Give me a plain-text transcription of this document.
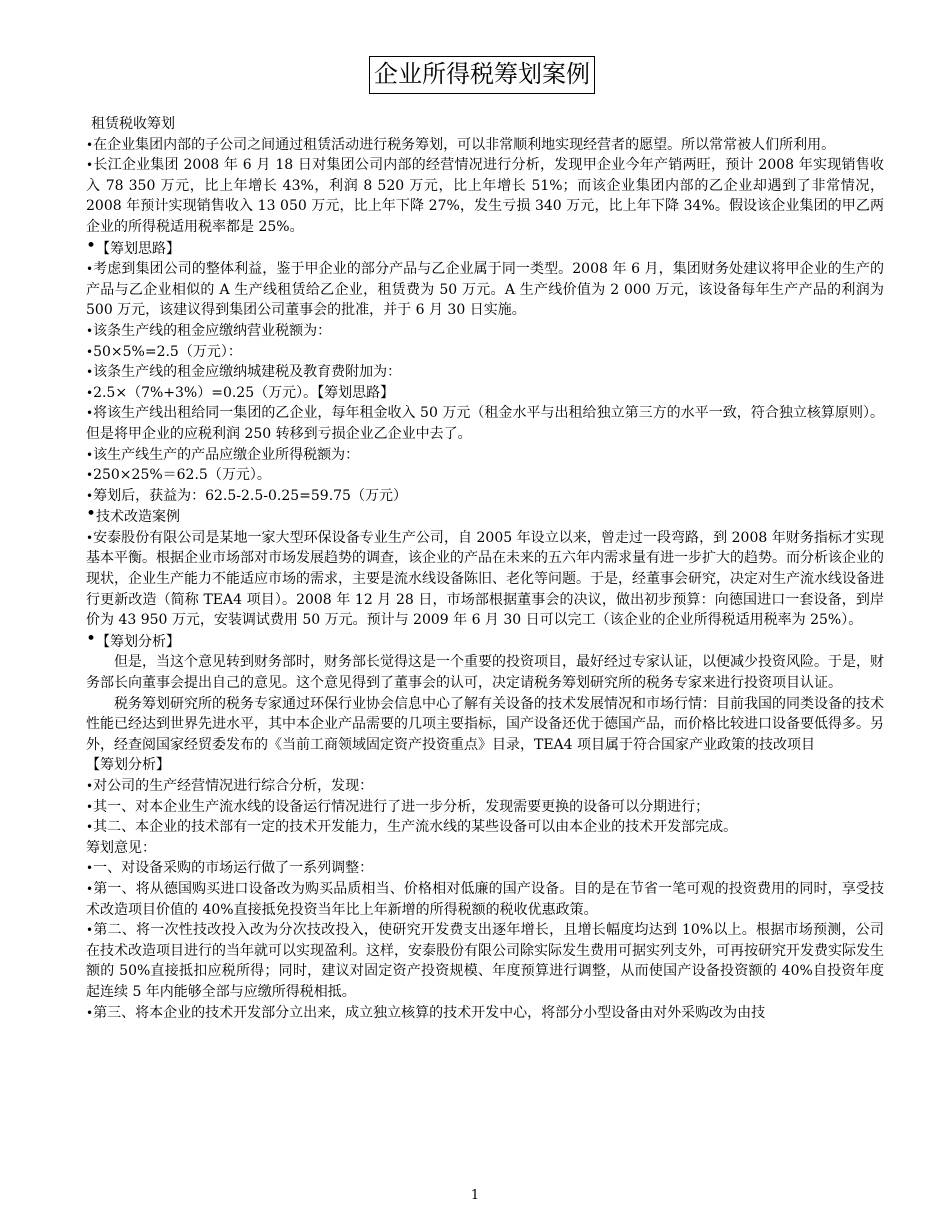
企业所得税筹划案例

租赁税收筹划

• 在企业集团内部的子公司之间通过租赁活动进行税务筹划，可以非常顺利地实现经营者的愿望。所以常常被人们所利用。

• 长江企业集团 2008 年 6 月 18 日对集团公司内部的经营情况进行分析，发现甲企业今年产销两旺，预计 2008 年实现销售收入 78 350 万元，比上年增长 43%，利润 8 520 万元，比上年增长 51%；而该企业集团内部的乙企业却遇到了非常情况，2008 年预计实现销售收入 13 050 万元，比上年下降 27%，发生亏损 340 万元，比上年下降 34%。假设该企业集团的甲乙两企业的所得税适用税率都是 25%。

• 【筹划思路】

• 考虑到集团公司的整体利益，鉴于甲企业的部分产品与乙企业属于同一类型。2008 年 6 月，集团财务处建议将甲企业的生产的产品与乙企业相似的 A 生产线租赁给乙企业，租赁费为 50 万元。A 生产线价值为 2 000 万元，该设备每年生产产品的利润为 500 万元，该建议得到集团公司董事会的批准，并于 6 月 30 日实施。

• 该条生产线的租金应缴纳营业税额为：

• 50×5%=2.5（万元）：

• 该条生产线的租金应缴纳城建税及教育费附加为：

• 2.5×（7%+3%）=0.25（万元）。【筹划思路】

• 将该生产线出租给同一集团的乙企业，每年租金收入 50 万元（租金水平与出租给独立第三方的水平一致，符合独立核算原则）。但是将甲企业的应税利润 250 转移到亏损企业乙企业中去了。

• 该生产线生产的产品应缴企业所得税额为：

• 250×25%＝62.5（万元）。

• 筹划后，获益为：62.5-2.5-0.25=59.75（万元）

• 技术改造案例

• 安泰股份有限公司是某地一家大型环保设备专业生产公司，自 2005 年设立以来，曾走过一段弯路，到 2008 年财务指标才实现基本平衡。根据企业市场部对市场发展趋势的调查，该企业的产品在未来的五六年内需求量有进一步扩大的趋势。而分析该企业的现状，企业生产能力不能适应市场的需求，主要是流水线设备陈旧、老化等问题。于是，经董事会研究，决定对生产流水线设备进行更新改造（简称 TEA4 项目）。2008 年 12 月 28 日，市场部根据董事会的决议，做出初步预算：向德国进口一套设备，到岸价为 43 950 万元，安装调试费用 50 万元。预计与 2009 年 6 月 30 日可以完工（该企业的企业所得税适用税率为 25%）。

• 【筹划分析】

但是，当这个意见转到财务部时，财务部长觉得这是一个重要的投资项目，最好经过专家认证，以便减少投资风险。于是，财务部长向董事会提出自己的意见。这个意见得到了董事会的认可，决定请税务筹划研究所的税务专家来进行投资项目认证。

税务筹划研究所的税务专家通过环保行业协会信息中心了解有关设备的技术发展情况和市场行情：目前我国的同类设备的技术性能已经达到世界先进水平，其中本企业产品需要的几项主要指标，国产设备还优于德国产品，而价格比较进口设备要低得多。另外，经查阅国家经贸委发布的《当前工商领域固定资产投资重点》目录，TEA4 项目属于符合国家产业政策的技改项目

【筹划分析】

• 对公司的生产经营情况进行综合分析，发现：

• 其一、对本企业生产流水线的设备运行情况进行了进一步分析，发现需要更换的设备可以分期进行；

• 其二、本企业的技术部有一定的技术开发能力，生产流水线的某些设备可以由本企业的技术开发部完成。

筹划意见：

• 一、对设备采购的市场运行做了一系列调整：

• 第一、将从德国购买进口设备改为购买品质相当、价格相对低廉的国产设备。目的是在节省一笔可观的投资费用的同时，享受技术改造项目价值的 40%直接抵免投资当年比上年新增的所得税额的税收优惠政策。

• 第二、将一次性技改投入改为分次技改投入，使研究开发费支出逐年增长，且增长幅度均达到 10%以上。根据市场预测，公司在技术改造项目进行的当年就可以实现盈利。这样，安泰股份有限公司除实际发生费用可据实列支外，可再按研究开发费实际发生额的 50%直接抵扣应税所得；同时，建议对固定资产投资规模、年度预算进行调整，从而使国产设备投资额的 40%自投资年度起连续 5 年内能够全部与应缴所得税相抵。

• 第三、将本企业的技术开发部分立出来，成立独立核算的技术开发中心，将部分小型设备由对外采购改为由技

1
